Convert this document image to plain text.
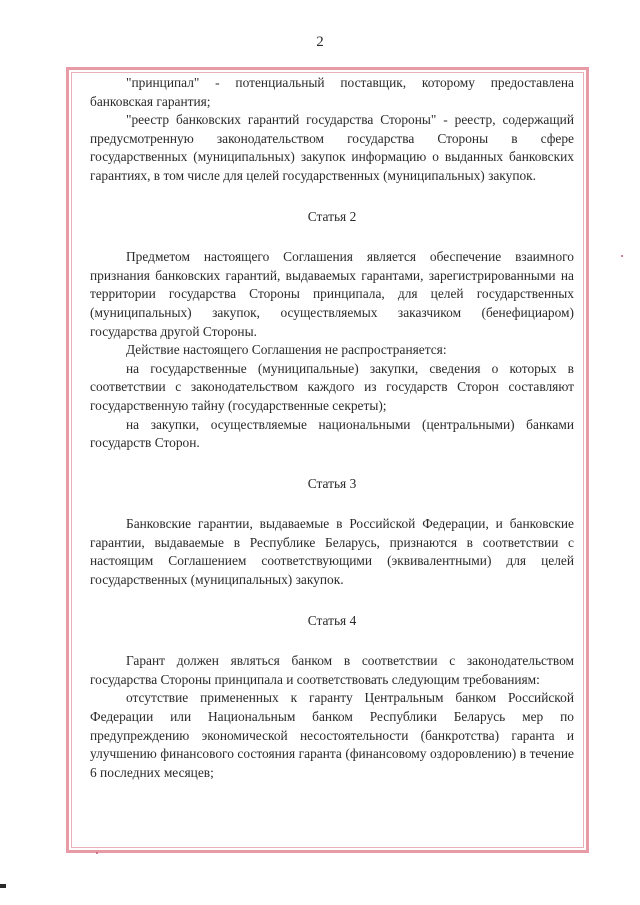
2

"принципал" - потенциальный поставщик, которому предоставлена банковская гарантия;

"реестр банковских гарантий государства Стороны" - реестр, содержащий предусмотренную законодательством государства Стороны в сфере государственных (муниципальных) закупок информацию о выданных банковских гарантиях, в том числе для целей государственных (муниципальных) закупок.

Статья 2

Предметом настоящего Соглашения является обеспечение взаимного признания банковских гарантий, выдаваемых гарантами, зарегистрированными на территории государства Стороны принципала, для целей государственных (муниципальных) закупок, осуществляемых заказчиком (бенефициаром) государства другой Стороны.

Действие настоящего Соглашения не распространяется:

на государственные (муниципальные) закупки, сведения о которых в соответствии с законодательством каждого из государств Сторон составляют государственную тайну (государственные секреты);

на закупки, осуществляемые национальными (центральными) банками государств Сторон.

Статья 3

Банковские гарантии, выдаваемые в Российской Федерации, и банковские гарантии, выдаваемые в Республике Беларусь, признаются в соответствии с настоящим Соглашением соответствующими (эквивалентными) для целей государственных (муниципальных) закупок.

Статья 4

Гарант должен являться банком в соответствии с законодательством государства Стороны принципала и соответствовать следующим требованиям:

отсутствие примененных к гаранту Центральным банком Российской Федерации или Национальным банком Республики Беларусь мер по предупреждению экономической несостоятельности (банкротства) гаранта и улучшению финансового состояния гаранта (финансовому оздоровлению) в течение 6 последних месяцев;
